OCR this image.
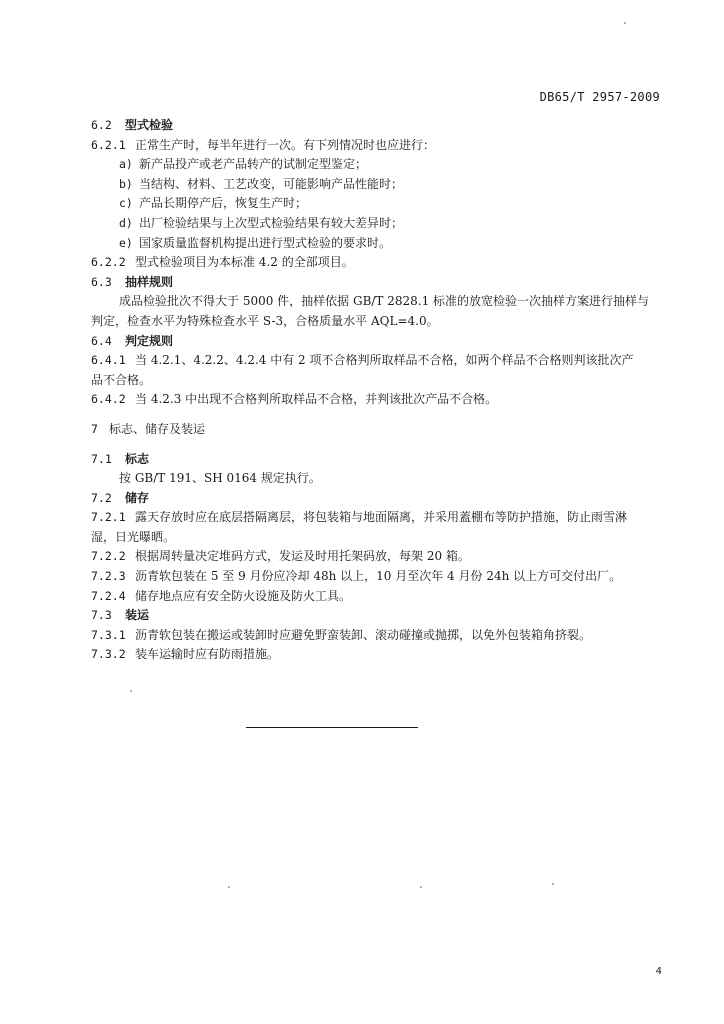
DB65/T 2957-2009
6.2 型式检验
6.2.1 正常生产时，每半年进行一次。有下列情况时也应进行：
a) 新产品投产或老产品转产的试制定型鉴定；
b) 当结构、材料、工艺改变，可能影响产品性能时；
c) 产品长期停产后，恢复生产时；
d) 出厂检验结果与上次型式检验结果有较大差异时；
e) 国家质量监督机构提出进行型式检验的要求时。
6.2.2 型式检验项目为本标准 4.2 的全部项目。
6.3 抽样规则
成品检验批次不得大于 5000 件，抽样依据 GB/T 2828.1 标准的放宽检验一次抽样方案进行抽样与
判定，检查水平为特殊检查水平 S-3，合格质量水平 AQL=4.0。
6.4 判定规则
6.4.1 当 4.2.1、4.2.2、4.2.4 中有 2 项不合格判所取样品不合格，如两个样品不合格则判该批次产
品不合格。
6.4.2 当 4.2.3 中出现不合格判所取样品不合格，并判该批次产品不合格。
7 标志、储存及装运
7.1 标志
按 GB/T 191、SH 0164 规定执行。
7.2 储存
7.2.1 露天存放时应在底层搭隔离层，将包装箱与地面隔离，并采用蓋棚布等防护措施，防止雨雪淋
湿，日光曝晒。
7.2.2 根据周转量决定堆码方式，发运及时用托架码放，每架 20 箱。
7.2.3 沥青软包装在 5 至 9 月份应冷却 48h 以上，10 月至次年 4 月份 24h 以上方可交付出厂。
7.2.4 储存地点应有安全防火设施及防火工具。
7.3 装运
7.3.1 沥青软包装在搬运或装卸时应避免野蛮装卸、滚动碰撞或抛掷，以免外包装箱角挤裂。
7.3.2 装车运输时应有防雨措施。
4
